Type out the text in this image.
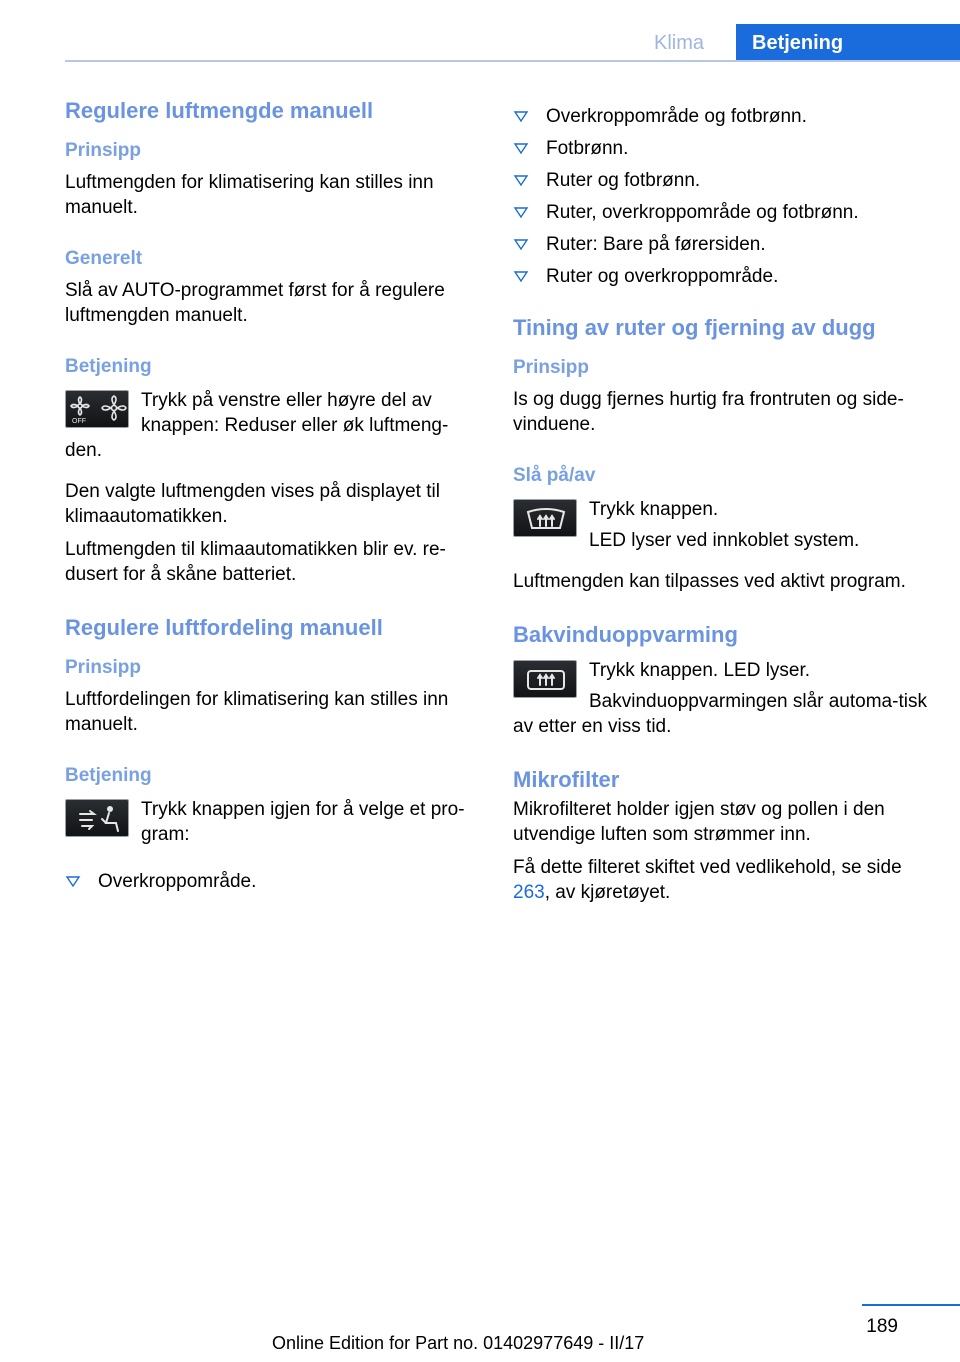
Klima	Betjening
Regulere luftmengde manuell
Prinsipp

Luftmengden for klimatisering kan stilles inn manuelt.

Generelt

Slå av AUTO-programmet først for å regulere luftmengden manuelt.

Betjening
OFF

Trykk på venstre eller høyre del av knappen: Reduser eller øk luftmeng-den.

Den valgte luftmengden vises på displayet til klimaautomatikken.

Luftmengden til klimaautomatikken blir ev. re-dusert for å skåne batteriet.

Regulere luftfordeling manuell
Prinsipp

Luftfordelingen for klimatisering kan stilles inn manuelt.

Betjening

Trykk knappen igjen for å velge et pro-gram:

Overkroppområde.
Overkroppområde og fotbrønn.
Fotbrønn.
Ruter og fotbrønn.
Ruter, overkroppområde og fotbrønn.
Ruter: Bare på førersiden.
Ruter og overkroppområde.
Tining av ruter og fjerning av dugg
Prinsipp

Is og dugg fjernes hurtig fra frontruten og side-vinduene.

Slå på/av

Trykk knappen.

LED lyser ved innkoblet system.

Luftmengden kan tilpasses ved aktivt program.

Bakvinduoppvarming

Trykk knappen. LED lyser.

Bakvinduoppvarmingen slår automa-tisk av etter en viss tid.

Mikrofilter

Mikrofilteret holder igjen støv og pollen i den utvendige luften som strømmer inn.

Få dette filteret skiftet ved vedlikehold, se side 263, av kjøretøyet.

189
Online Edition for Part no. 01402977649 - II/17
